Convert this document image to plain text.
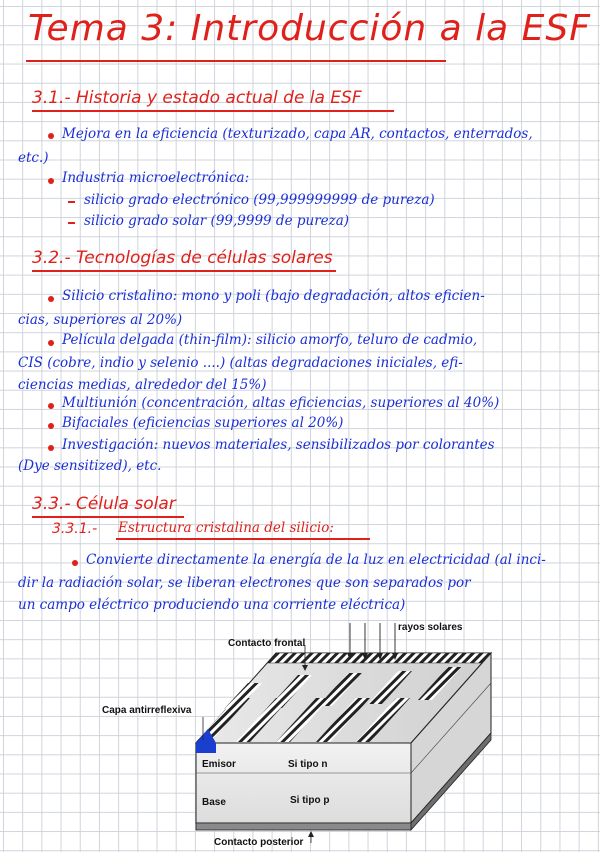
Tema 3: Introducción a la ESF
3.1.- Historia y estado actual de la ESF
Mejora en la eficiencia (texturizado, capa AR, contactos, enterrados,
etc.)
Industria microelectrónica:
silicio grado electrónico (99,999999999 de pureza)
silicio grado solar (99,9999 de pureza)
3.2.- Tecnologías de células solares
Silicio cristalino: mono y poli (bajo degradación, altos eficien-
cias, superiores al 20%)
Película delgada (thin-film): silicio amorfo, teluro de cadmio,
CIS (cobre, indio y selenio ....) (altas degradaciones iniciales, efi-
ciencias medias, alrededor del 15%)
Multiunión (concentración, altas eficiencias, superiores al 40%)
Bifaciales (eficiencias superiores al 20%)
Investigación: nuevos materiales, sensibilizados por colorantes
(Dye sensitized), etc.
3.3.- Célula solar
3.3.1.- Estructura cristalina del silicio:
Convierte directamente la energía de la luz en electricidad (al inci-
dir la radiación solar, se liberan electrones que son separados por
un campo eléctrico produciendo una corriente eléctrica)
rayos solares
Contacto frontal
Capa antirreflexiva
Emisor	Si tipo n
Base	Si tipo p
Contacto posterior
